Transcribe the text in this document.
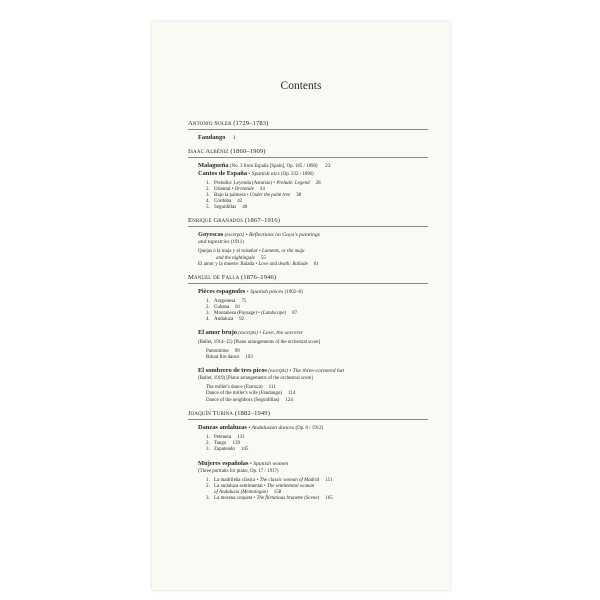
Contents
Antonio Soler (1729–1783)
Fandango 1
Isaac Albéniz (1860–1909)
Malagueña (No. 3 from España [Spain], Op. 165 / 1890) 23
Cantos de España • Spanish airs (Op. 232 / 1896)
1. Preludio: Leyenda (Asturias) • Prelude: Legend 28
2. Oriental • Orientale 34
3. Bajo la palmera • Under the palm tree 38
4. Córdoba 42
5. Seguidillas 48
Enrique Granados (1867–1916)
Goyescas (excerpts) • Reflections on Goya's paintings
and tapestries (1911)
Quejas ó la maja y el ruiseñor • Laments, or the maja
and the nightingale 55
El amor y la muerte: Balada • Love and death: Ballade 61
Manuel de Falla (1876–1946)
Pièces espagnoles • Spanish pieces (1902–8)
1. Aragonesa 75
2. Cubana 81
3. Montañesa (Paysage) • (Landscape) 87
4. Andaluza 92
El amor brujo (excerpts) • Love, the sorcerer
(Ballet, 1914–15) [Piano arrangements of the orchestral score]
Pantomime 99
Ritual fire dance 103
El sombrero de tres picos (excerpts) • The three-cornered hat
(Ballet, 1919) [Piano arrangements of the orchestral score]
The miller's dance (Farruca) 111
Dance of the miller's wife (Fandango) 114
Dance of the neighbors (Seguidillas) 124
Joaquín Turina (1882–1949)
Danzas andaluzas • Andalusian dances (Op. 8 / 1912)
1. Petenera 131
2. Tango 139
3. Zapateado 145
Mujeres españolas • Spanish women
(Three portraits for piano, Op. 17 / 1917)
1. La madrileña clásica • The classic woman of Madrid 151
2. La andaluza sentimental • The sentimental woman
of Andalusia (Mentologue) 158
3. La morena coqueta • The flirtatious brunette (Scene) 165
